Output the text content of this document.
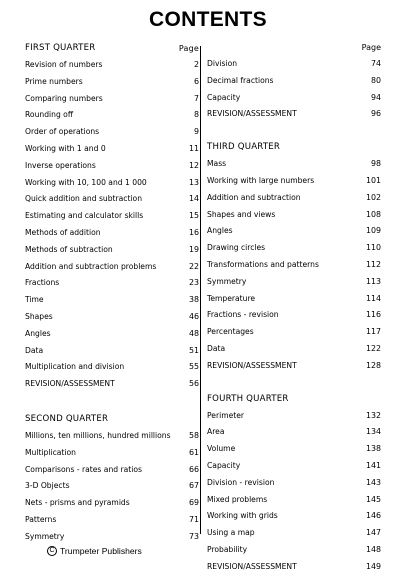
CONTENTS
FIRST QUARTER	Page
Revision of numbers	2
Prime numbers	6
Comparing numbers	7
Rounding off	8
Order of operations	9
Working with 1 and 0	11
Inverse operations	12
Working with 10, 100 and 1 000	13
Quick addition and subtraction	14
Estimating and calculator skills	15
Methods of addition	16
Methods of subtraction	19
Addition and subtraction problems	22
Fractions	23
Time	38
Shapes	46
Angles	48
Data	51
Multiplication and division	55
REVISION/ASSESSMENT	56
SECOND QUARTER
Millions, ten millions, hundred millions 58
Multiplication	61
Comparisons - rates and ratios	66
3-D Objects	67
Nets - prisms and pyramids	69
Patterns	71
Symmetry	73
Page
Division	74
Decimal fractions	80
Capacity	94
REVISION/ASSESSMENT	96
THIRD QUARTER
Mass	98
Working with large numbers	101
Addition and subtraction	102
Shapes and views	108
Angles	109
Drawing circles	110
Transformations and patterns	112
Symmetry	113
Temperature	114
Fractions - revision	116
Percentages	117
Data	122
REVISION/ASSESSMENT	128
FOURTH QUARTER
Perimeter	132
Area	134
Volume	138
Capacity	141
Division - revision	143
Mixed problems	145
Working with grids	146
Using a map	147
Probability	148
REVISION/ASSESSMENT	149
C Trumpeter Publishers
